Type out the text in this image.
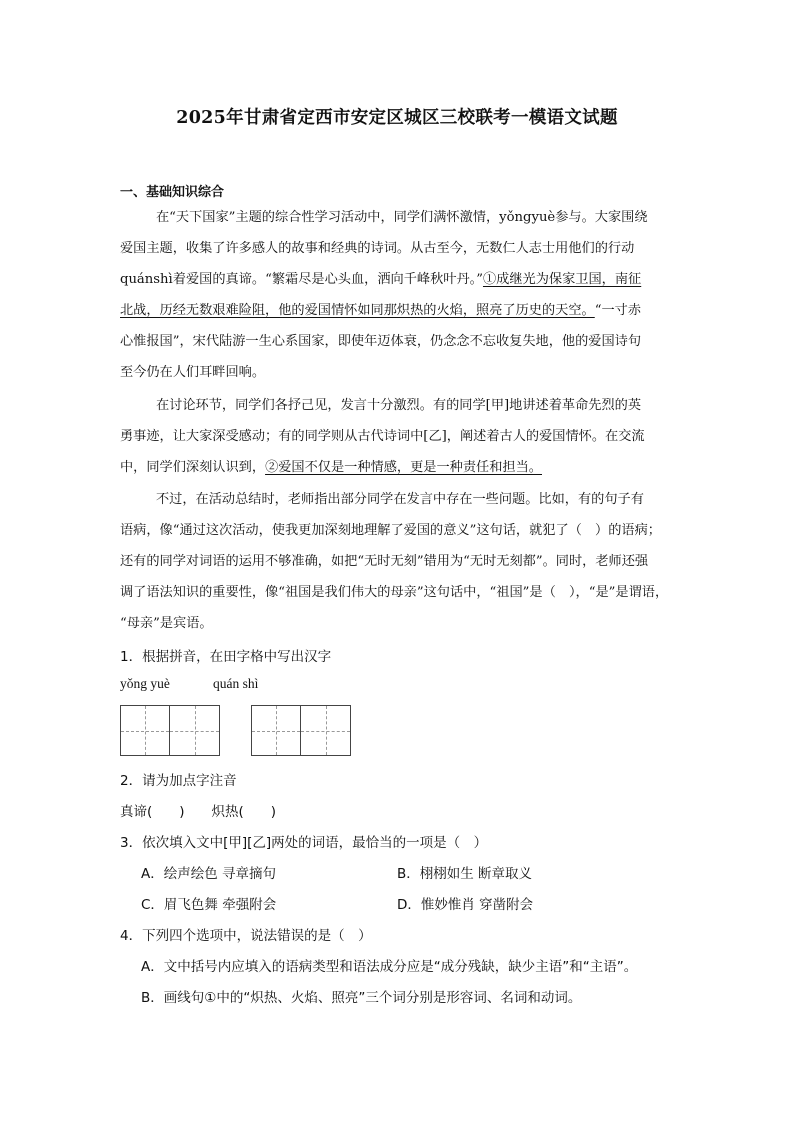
2025年甘肃省定西市安定区城区三校联考一模语文试题
一、基础知识综合
在“天下国家”主题的综合性学习活动中，同学们满怀激情，yǒngyuè参与。大家围绕
爱国主题，收集了许多感人的故事和经典的诗词。从古至今，无数仁人志士用他们的行动
quánshì着爱国的真谛。“繁霜尽是心头血，洒向千峰秋叶丹。”①成继光为保家卫国，南征
北战，历经无数艰难险阻，他的爱国情怀如同那炽热的火焰，照亮了历史的天空。“一寸赤
心惟报国”，宋代陆游一生心系国家，即使年迈体衰，仍念念不忘收复失地，他的爱国诗句
至今仍在人们耳畔回响。
在讨论环节，同学们各抒己见，发言十分激烈。有的同学[甲]地讲述着革命先烈的英
勇事迹，让大家深受感动；有的同学则从古代诗词中[乙]，阐述着古人的爱国情怀。在交流
中，同学们深刻认识到，②爱国不仅是一种情感，更是一种责任和担当。
不过，在活动总结时，老师指出部分同学在发言中存在一些问题。比如，有的句子有
语病，像“通过这次活动，使我更加深刻地理解了爱国的意义”这句话，就犯了（　）的语病；
还有的同学对词语的运用不够准确，如把“无时无刻”错用为“无时无刻都”。同时，老师还强
调了语法知识的重要性，像“祖国是我们伟大的母亲”这句话中，“祖国”是（　），“是”是谓语，
“母亲”是宾语。
1．根据拼音，在田字格中写出汉字
yǒng yuè	quán shì
2．请为加点字注音
真谛(　　)　　炽热(　　)
3．依次填入文中[甲][乙]两处的词语，最恰当的一项是（　）
A．绘声绘色 寻章摘句	B．栩栩如生 断章取义
C．眉飞色舞 牵强附会	D．惟妙惟肖 穿凿附会
4．下列四个选项中，说法错误的是（　）
A．文中括号内应填入的语病类型和语法成分应是“成分残缺，缺少主语”和“主语”。
B．画线句①中的“炽热、火焰、照亮”三个词分别是形容词、名词和动词。
